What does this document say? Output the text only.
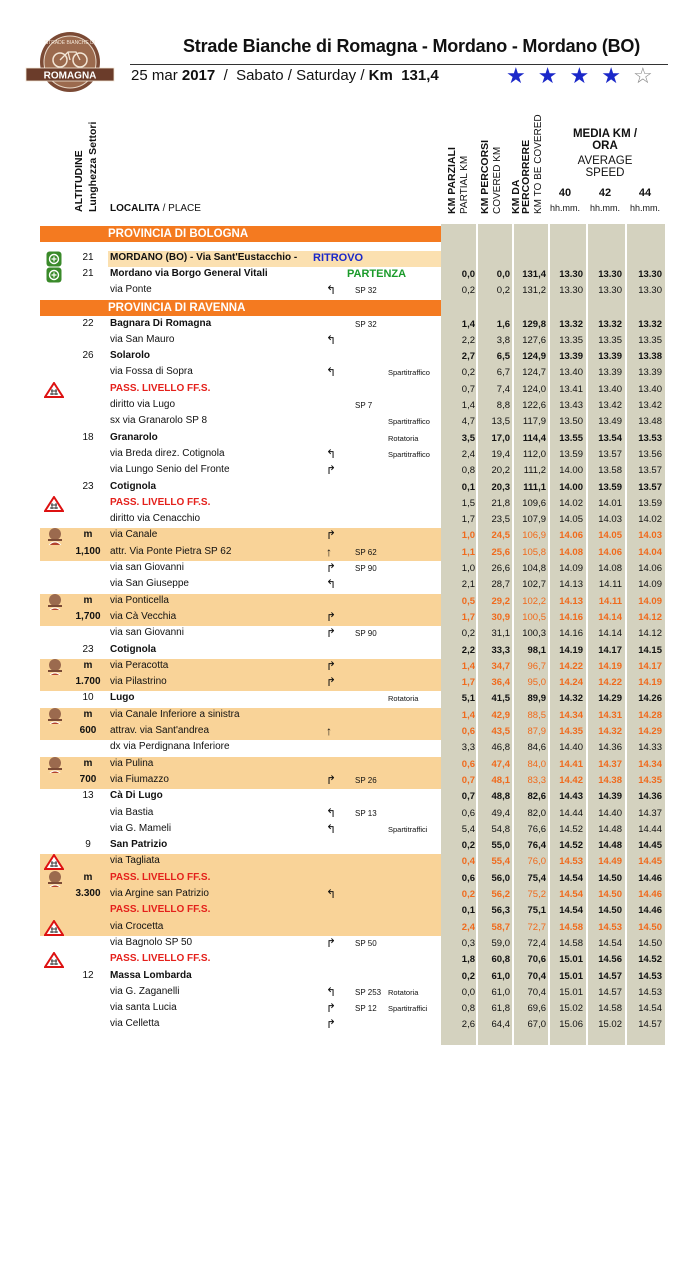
ROMAGNA
STRADE BIANCHE DI	Strade Bianche di Romagna - Mordano - Mordano (BO)
25 mar 2017  /  Sabato / Saturday / Km 131,4	★★★★☆
ALTITUDINE Lunghezza Settori LOCALITA / PLACE	KM PARZIALI PARTIAL KM KM PERCORSI COVERED KM KM DA
PERCORRERE KM TO BE COVERED	MEDIA KM / ORA
AVERAGE SPEED
40	42	44
hh.mm.	hh.mm.	hh.mm.
PROVINCIA DI BOLOGNA
21	MORDANO (BO) - Via Sant'Eustacchio - RITROVO
21	Mordano via Borgo General Vitali	PARTENZA	0,0	0,0	131,4	13.30	13.30	13.30
via Ponte	↰ SP 32	0,2	0,2	131,2	13.30	13.30	13.30
PROVINCIA DI RAVENNA
22	Bagnara Di Romagna	SP 32	1,4	1,6	129,8	13.32	13.32	13.32
via San Mauro	↰	2,2	3,8	127,6	13.35	13.35	13.35
26	Solarolo	2,7	6,5	124,9	13.39	13.39	13.38
via Fossa di Sopra	↰	Spartitraffico	0,2	6,7	124,7	13.40	13.39	13.39
PASS. LIVELLO FF.S.	0,7	7,4	124,0	13.41	13.40	13.40
diritto via Lugo	SP 7	1,4	8,8	122,6	13.43	13.42	13.42
sx via Granarolo SP 8	Spartitraffico	4,7	13,5	117,9	13.50	13.49	13.48
18	Granarolo	Rotatoria	3,5	17,0	114,4	13.55	13.54	13.53
via Breda direz. Cotignola	↰	Spartitraffico	2,4	19,4	112,0	13.59	13.57	13.56
via Lungo Senio del Fronte	↱	0,8	20,2	111,2	14.00	13.58	13.57
23	Cotignola	0,1	20,3	111,1	14.00	13.59	13.57
PASS. LIVELLO FF.S.	1,5	21,8	109,6	14.02	14.01	13.59
diritto via Cenacchio	1,7	23,5	107,9	14.05	14.03	14.02
m	via Canale	↱	1,0	24,5	106,9	14.06	14.05	14.03
1,100 attr. Via Ponte Pietra SP 62	↑	SP 62	1,1	25,6	105,8	14.08	14.06	14.04
via san Giovanni	↱ SP 90	1,0	26,6	104,8	14.09	14.08	14.06
via San Giuseppe	↰	2,1	28,7	102,7	14.13	14.11	14.09
m	via Ponticella	0,5	29,2	102,2	14.13	14.11	14.09
1,700 via Cà Vecchia	↱	1,7	30,9	100,5	14.16	14.14	14.12
via san Giovanni	↱ SP 90	0,2	31,1	100,3	14.16	14.14	14.12
23	Cotignola	2,2	33,3	98,1	14.19	14.17	14.15
m	via Peracotta	↱	1,4	34,7	96,7	14.22	14.19	14.17
1.700 via Pilastrino	↱	1,7	36,4	95,0	14.24	14.22	14.19
10	Lugo	Rotatoria	5,1	41,5	89,9	14.32	14.29	14.26
m	via Canale Inferiore a sinistra	1,4	42,9	88,5	14.34	14.31	14.28
600	attrav. via Sant'andrea	↑	0,6	43,5	87,9	14.35	14.32	14.29
dx via Perdignana Inferiore	3,3	46,8	84,6	14.40	14.36	14.33
m	via Pulina	0,6	47,4	84,0	14.41	14.37	14.34
700	via Fiumazzo	↱ SP 26	0,7	48,1	83,3	14.42	14.38	14.35
13	Cà Di Lugo	0,7	48,8	82,6	14.43	14.39	14.36
via Bastia	↰ SP 13	0,6	49,4	82,0	14.44	14.40	14.37
via G. Mameli	↰	Spartitraffici	5,4	54,8	76,6	14.52	14.48	14.44
9	San Patrizio	0,2	55,0	76,4	14.52	14.48	14.45
via Tagliata	0,4	55,4	76,0	14.53	14.49	14.45
m	PASS. LIVELLO FF.S.	0,6	56,0	75,4	14.54	14.50	14.46
3.300 via Argine san Patrizio	↰	0,2	56,2	75,2	14.54	14.50	14.46
PASS. LIVELLO FF.S.	0,1	56,3	75,1	14.54	14.50	14.46
via Crocetta	2,4	58,7	72,7	14.58	14.53	14.50
via Bagnolo SP 50	↱ SP 50	0,3	59,0	72,4	14.58	14.54	14.50
PASS. LIVELLO FF.S.	1,8	60,8	70,6	15.01	14.56	14.52
12	Massa Lombarda	0,2	61,0	70,4	15.01	14.57	14.53
via G. Zaganelli	↰ SP 253 Rotatoria	0,0	61,0	70,4	15.01	14.57	14.53
via santa Lucia	↱ SP 12 Spartitraffici	0,8	61,8	69,6	15.02	14.58	14.54
via Celletta	↱	2,6	64,4	67,0	15.06	15.02	14.57
